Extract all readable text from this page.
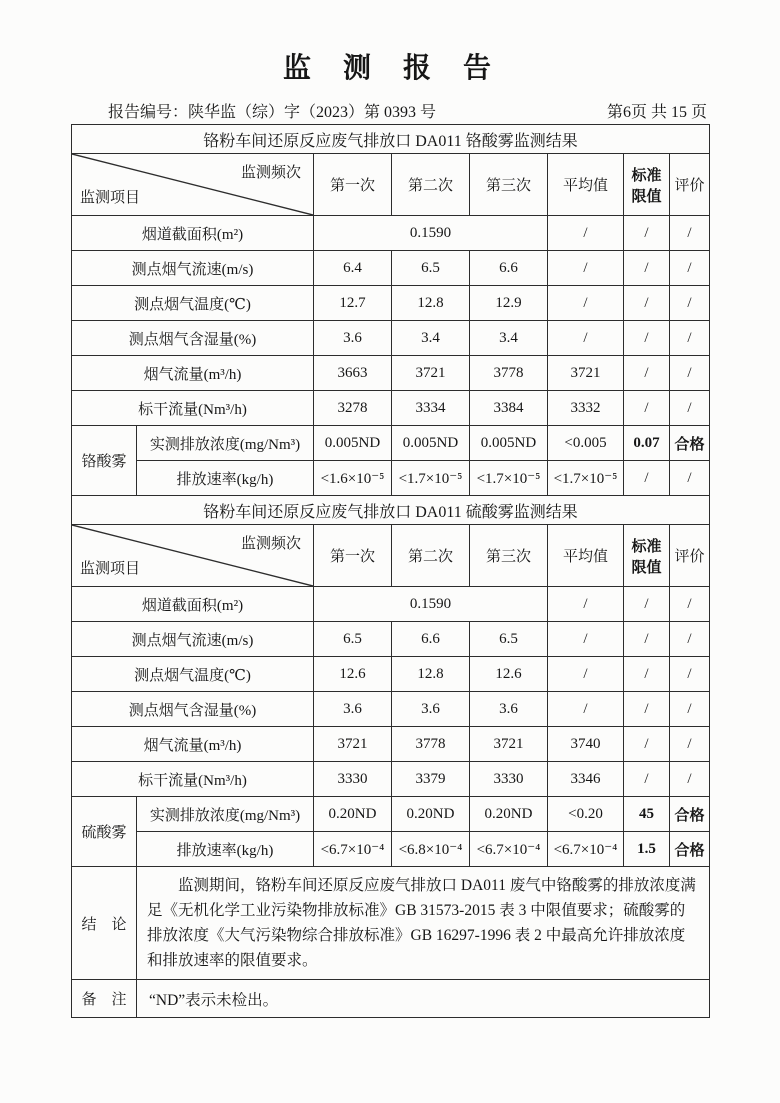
监  测  报  告
报告编号：陕华监（综）字（2023）第 0393 号	第6页 共 15 页
铬粉车间还原反应废气排放口 DA011 铬酸雾监测结果							

监测频次
监测项目		第一次	第二次	第三次	平均值	标准限值	评价
烟道截面积(m²)		0.1590			/	/	/
测点烟气流速(m/s)		6.4	6.5	6.6	/	/	/
测点烟气温度(℃)		12.7	12.8	12.9	/	/	/
测点烟气含湿量(%)		3.6	3.4	3.4	/	/	/
烟气流量(m³/h)		3663	3721	3778	3721	/	/
标干流量(Nm³/h)		3278	3334	3384	3332	/	/
铬酸雾	实测排放浓度(mg/Nm³)	0.005ND	0.005ND	0.005ND	<0.005	0.07	合格
	排放速率(kg/h)	<1.6×10⁻⁵	<1.7×10⁻⁵	<1.7×10⁻⁵	<1.7×10⁻⁵	/	/
铬粉车间还原反应废气排放口 DA011 硫酸雾监测结果							

监测频次
监测项目		第一次	第二次	第三次	平均值	标准限值	评价
烟道截面积(m²)		0.1590			/	/	/
测点烟气流速(m/s)		6.5	6.6	6.5	/	/	/
测点烟气温度(℃)		12.6	12.8	12.6	/	/	/
测点烟气含湿量(%)		3.6	3.6	3.6	/	/	/
烟气流量(m³/h)		3721	3778	3721	3740	/	/
标干流量(Nm³/h)		3330	3379	3330	3346	/	/
硫酸雾	实测排放浓度(mg/Nm³)	0.20ND	0.20ND	0.20ND	<0.20	45	合格
	排放速率(kg/h)	<6.7×10⁻⁴	<6.8×10⁻⁴	<6.7×10⁻⁴	<6.7×10⁻⁴	1.5	合格
结　论	监测期间，铬粉车间还原反应废气排放口 DA011 废气中铬酸雾的排放浓度满足《无机化学工业污染物排放标准》GB 31573-2015 表 3 中限值要求；硫酸雾的排放浓度《大气污染物综合排放标准》GB 16297-1996 表 2 中最高允许排放浓度和排放速率的限值要求。						
备　注	“ND”表示未检出。						
